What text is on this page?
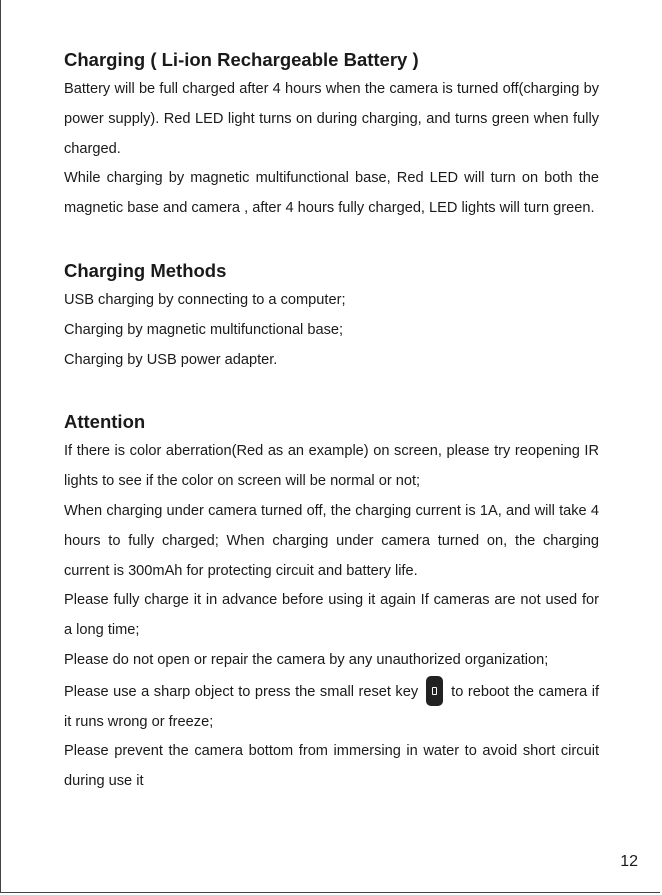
Charging ( Li-ion Rechargeable Battery )

Battery will be full charged after 4 hours when the camera is turned off(charging by power supply). Red LED light turns on during charging, and turns green when fully charged.

While charging by magnetic multifunctional base, Red LED will turn on both the magnetic base and camera , after 4 hours fully charged, LED lights will turn green.

Charging Methods

USB charging by connecting to a computer;

Charging by magnetic multifunctional base;

Charging by USB power adapter.

Attention

If there is color aberration(Red as an example) on screen, please try reopening IR lights to see if the color on screen will be normal or not;

When charging under camera turned off, the charging current is 1A, and will take 4 hours to fully charged; When charging under camera turned on, the charging current is 300mAh for protecting circuit and battery life.

Please fully charge it in advance before using it again If cameras are not used for a long time;

Please do not open or repair the camera by any unauthorized organization;

Please use a sharp object to press the small reset key to reboot the camera if it runs wrong or freeze;

Please prevent the camera bottom from immersing in water to avoid short circuit during use it

12
